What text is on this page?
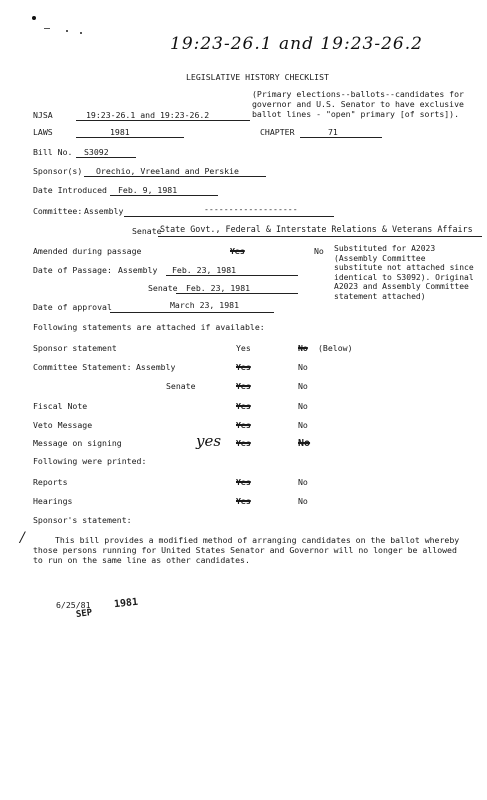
19:23-26.1 and 19:23-26.2
LEGISLATIVE HISTORY CHECKLIST
(Primary elections--ballots--candidates for governor and U.S. Senator to have exclusive ballot lines - "open" primary [of sorts]).
NJSA	19:23-26.1 and 19:23-26.2
LAWS	1981	CHAPTER	71
Bill No. S3092
Sponsor(s) Orechio, Vreeland and Perskie
Date Introduced Feb. 9, 1981
Committee: Assembly	-------------------
Senate
State Govt., Federal & Interstate Relations & Veterans Affairs
Amended during passage	Yes	No Substituted for A2023 (Assembly Committee substitute not attached since identical to S3092). Original A2023 and Assembly Committee statement attached)
Date of Passage: Assembly Feb. 23, 1981
Senate Feb. 23, 1981
Date of approval	March 23, 1981
Following statements are attached if available:
Sponsor statement	Yes	No (Below)
Committee Statement: Assembly	Yes	No
Senate	Yes	No
Fiscal Note	Yes	No
Veto Message	Yes	No
Message on signing	yes Yes	No
Following were printed:
Reports	Yes	No
Hearings	Yes	No
Sponsor's statement:
/	This bill provides a modified method of arranging candidates on the ballot whereby those persons running for United States Senator and Governor will no longer be allowed to run on the same line as other candidates.
6/25/81
SEP
1981
